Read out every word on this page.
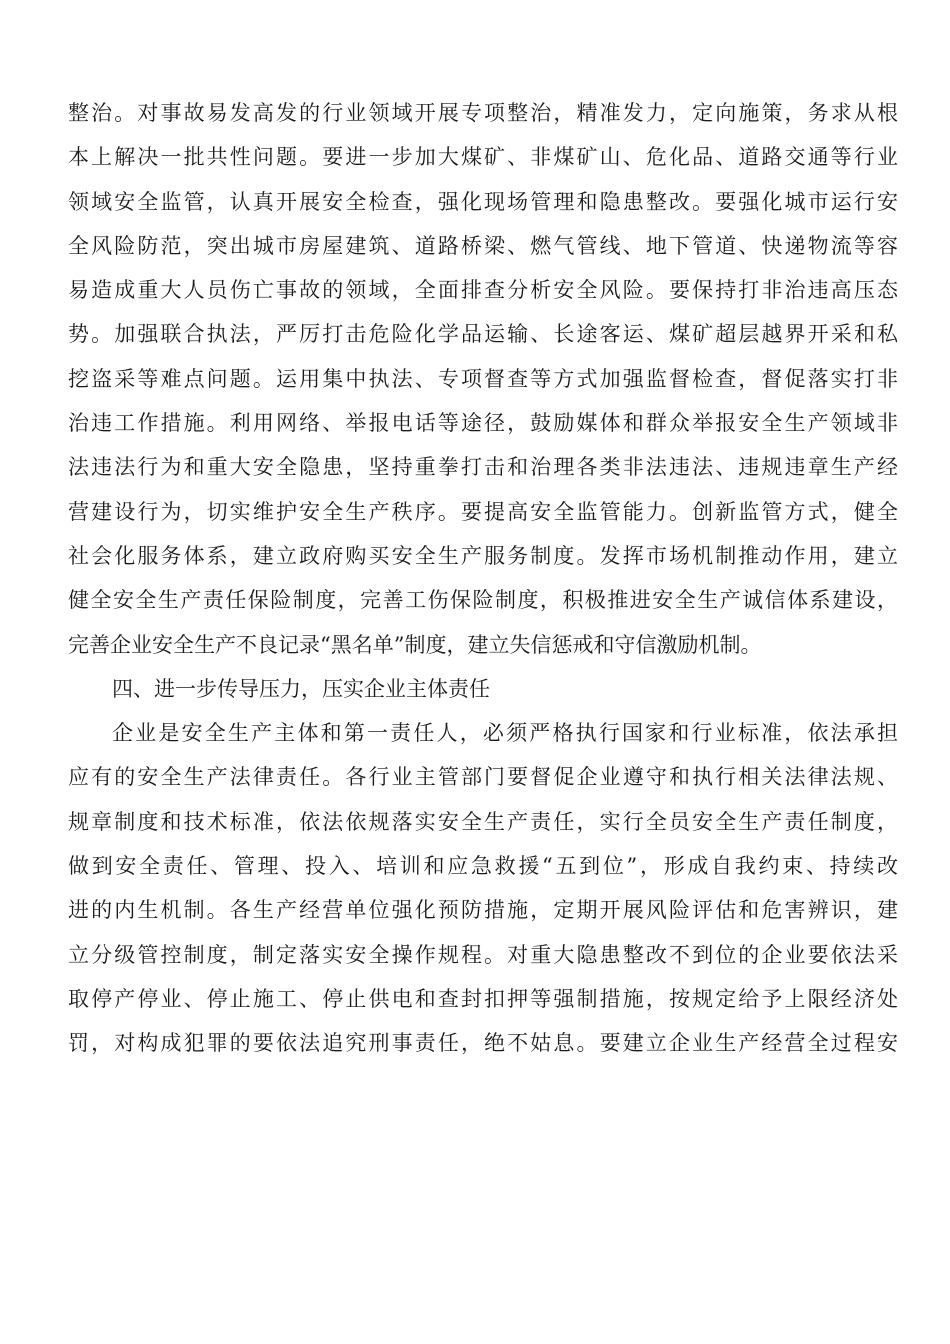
整治。对事故易发高发的行业领域开展专项整治，精准发力，定向施策，务求从根
本上解决一批共性问题。要进一步加大煤矿、非煤矿山、危化品、道路交通等行业
领域安全监管，认真开展安全检查，强化现场管理和隐患整改。要强化城市运行安
全风险防范，突出城市房屋建筑、道路桥梁、燃气管线、地下管道、快递物流等容
易造成重大人员伤亡事故的领域，全面排查分析安全风险。要保持打非治违高压态
势。加强联合执法，严厉打击危险化学品运输、长途客运、煤矿超层越界开采和私
挖盗采等难点问题。运用集中执法、专项督查等方式加强监督检查，督促落实打非
治违工作措施。利用网络、举报电话等途径，鼓励媒体和群众举报安全生产领域非
法违法行为和重大安全隐患，坚持重拳打击和治理各类非法违法、违规违章生产经
营建设行为，切实维护安全生产秩序。要提高安全监管能力。创新监管方式，健全
社会化服务体系，建立政府购买安全生产服务制度。发挥市场机制推动作用，建立
健全安全生产责任保险制度，完善工伤保险制度，积极推进安全生产诚信体系建设，
完善企业安全生产不良记录“黑名单”制度，建立失信惩戒和守信激励机制。
四、进一步传导压力，压实企业主体责任
企业是安全生产主体和第一责任人，必须严格执行国家和行业标准，依法承担
应有的安全生产法律责任。各行业主管部门要督促企业遵守和执行相关法律法规、
规章制度和技术标准，依法依规落实安全生产责任，实行全员安全生产责任制度，
做到安全责任、管理、投入、培训和应急救援“五到位”，形成自我约束、持续改
进的内生机制。各生产经营单位强化预防措施，定期开展风险评估和危害辨识，建
立分级管控制度，制定落实安全操作规程。对重大隐患整改不到位的企业要依法采
取停产停业、停止施工、停止供电和查封扣押等强制措施，按规定给予上限经济处
罚，对构成犯罪的要依法追究刑事责任，绝不姑息。要建立企业生产经营全过程安
